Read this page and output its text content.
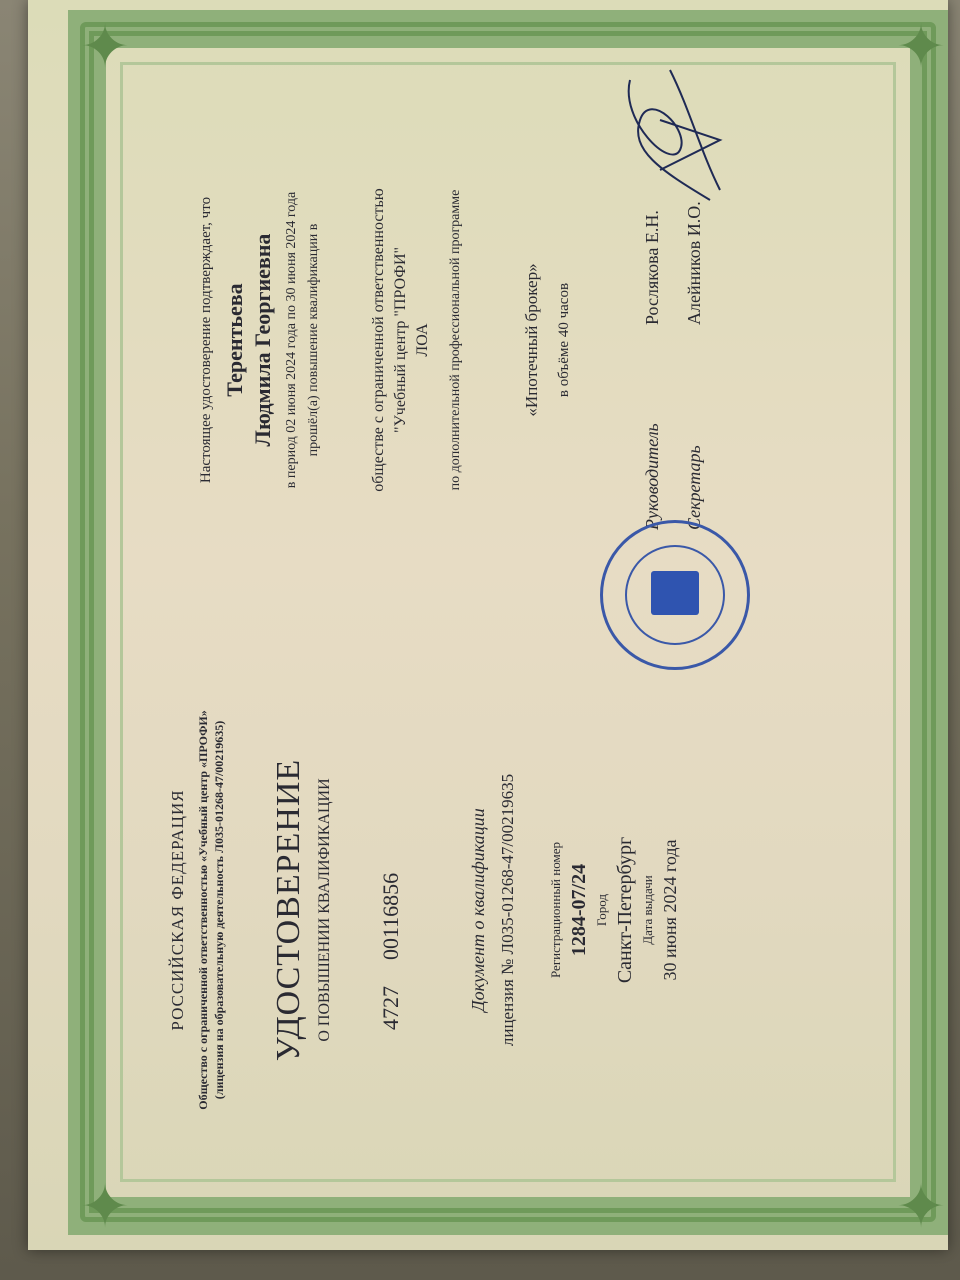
✦	✦
✦	✦
РОССИЙСКАЯ ФЕДЕРАЦИЯ Общество с ограниченной ответственностью «Учебный центр «ПРОФИ» (лицензия на образовательную деятельность Л035-01268-47/00219635) УДОСТОВЕРЕНИЕ О ПОВЫШЕНИИ КВАЛИФИКАЦИИ 4727
00116856	Документ о квалификации лицензия № Л035-01268-47/00219635 Регистрационный номер 1284-07/24 Город Санкт-Петербург Дата выдачи 30 июня 2024 года
Настоящее удостоверение подтверждает, что Терентьева Людмила Георгиевна в период 02 июня 2024 года по 30 июня 2024 года прошёл(а) повышение квалификации в	обществе с ограниченной ответственностью "Учебный центр "ПРОФИ" ЛОА по дополнительной профессиональной программе	«Ипотечный брокер» в объёме 40 часов
Руководитель
Рослякова Е.Н.
Секретарь
Алейников И.О.
